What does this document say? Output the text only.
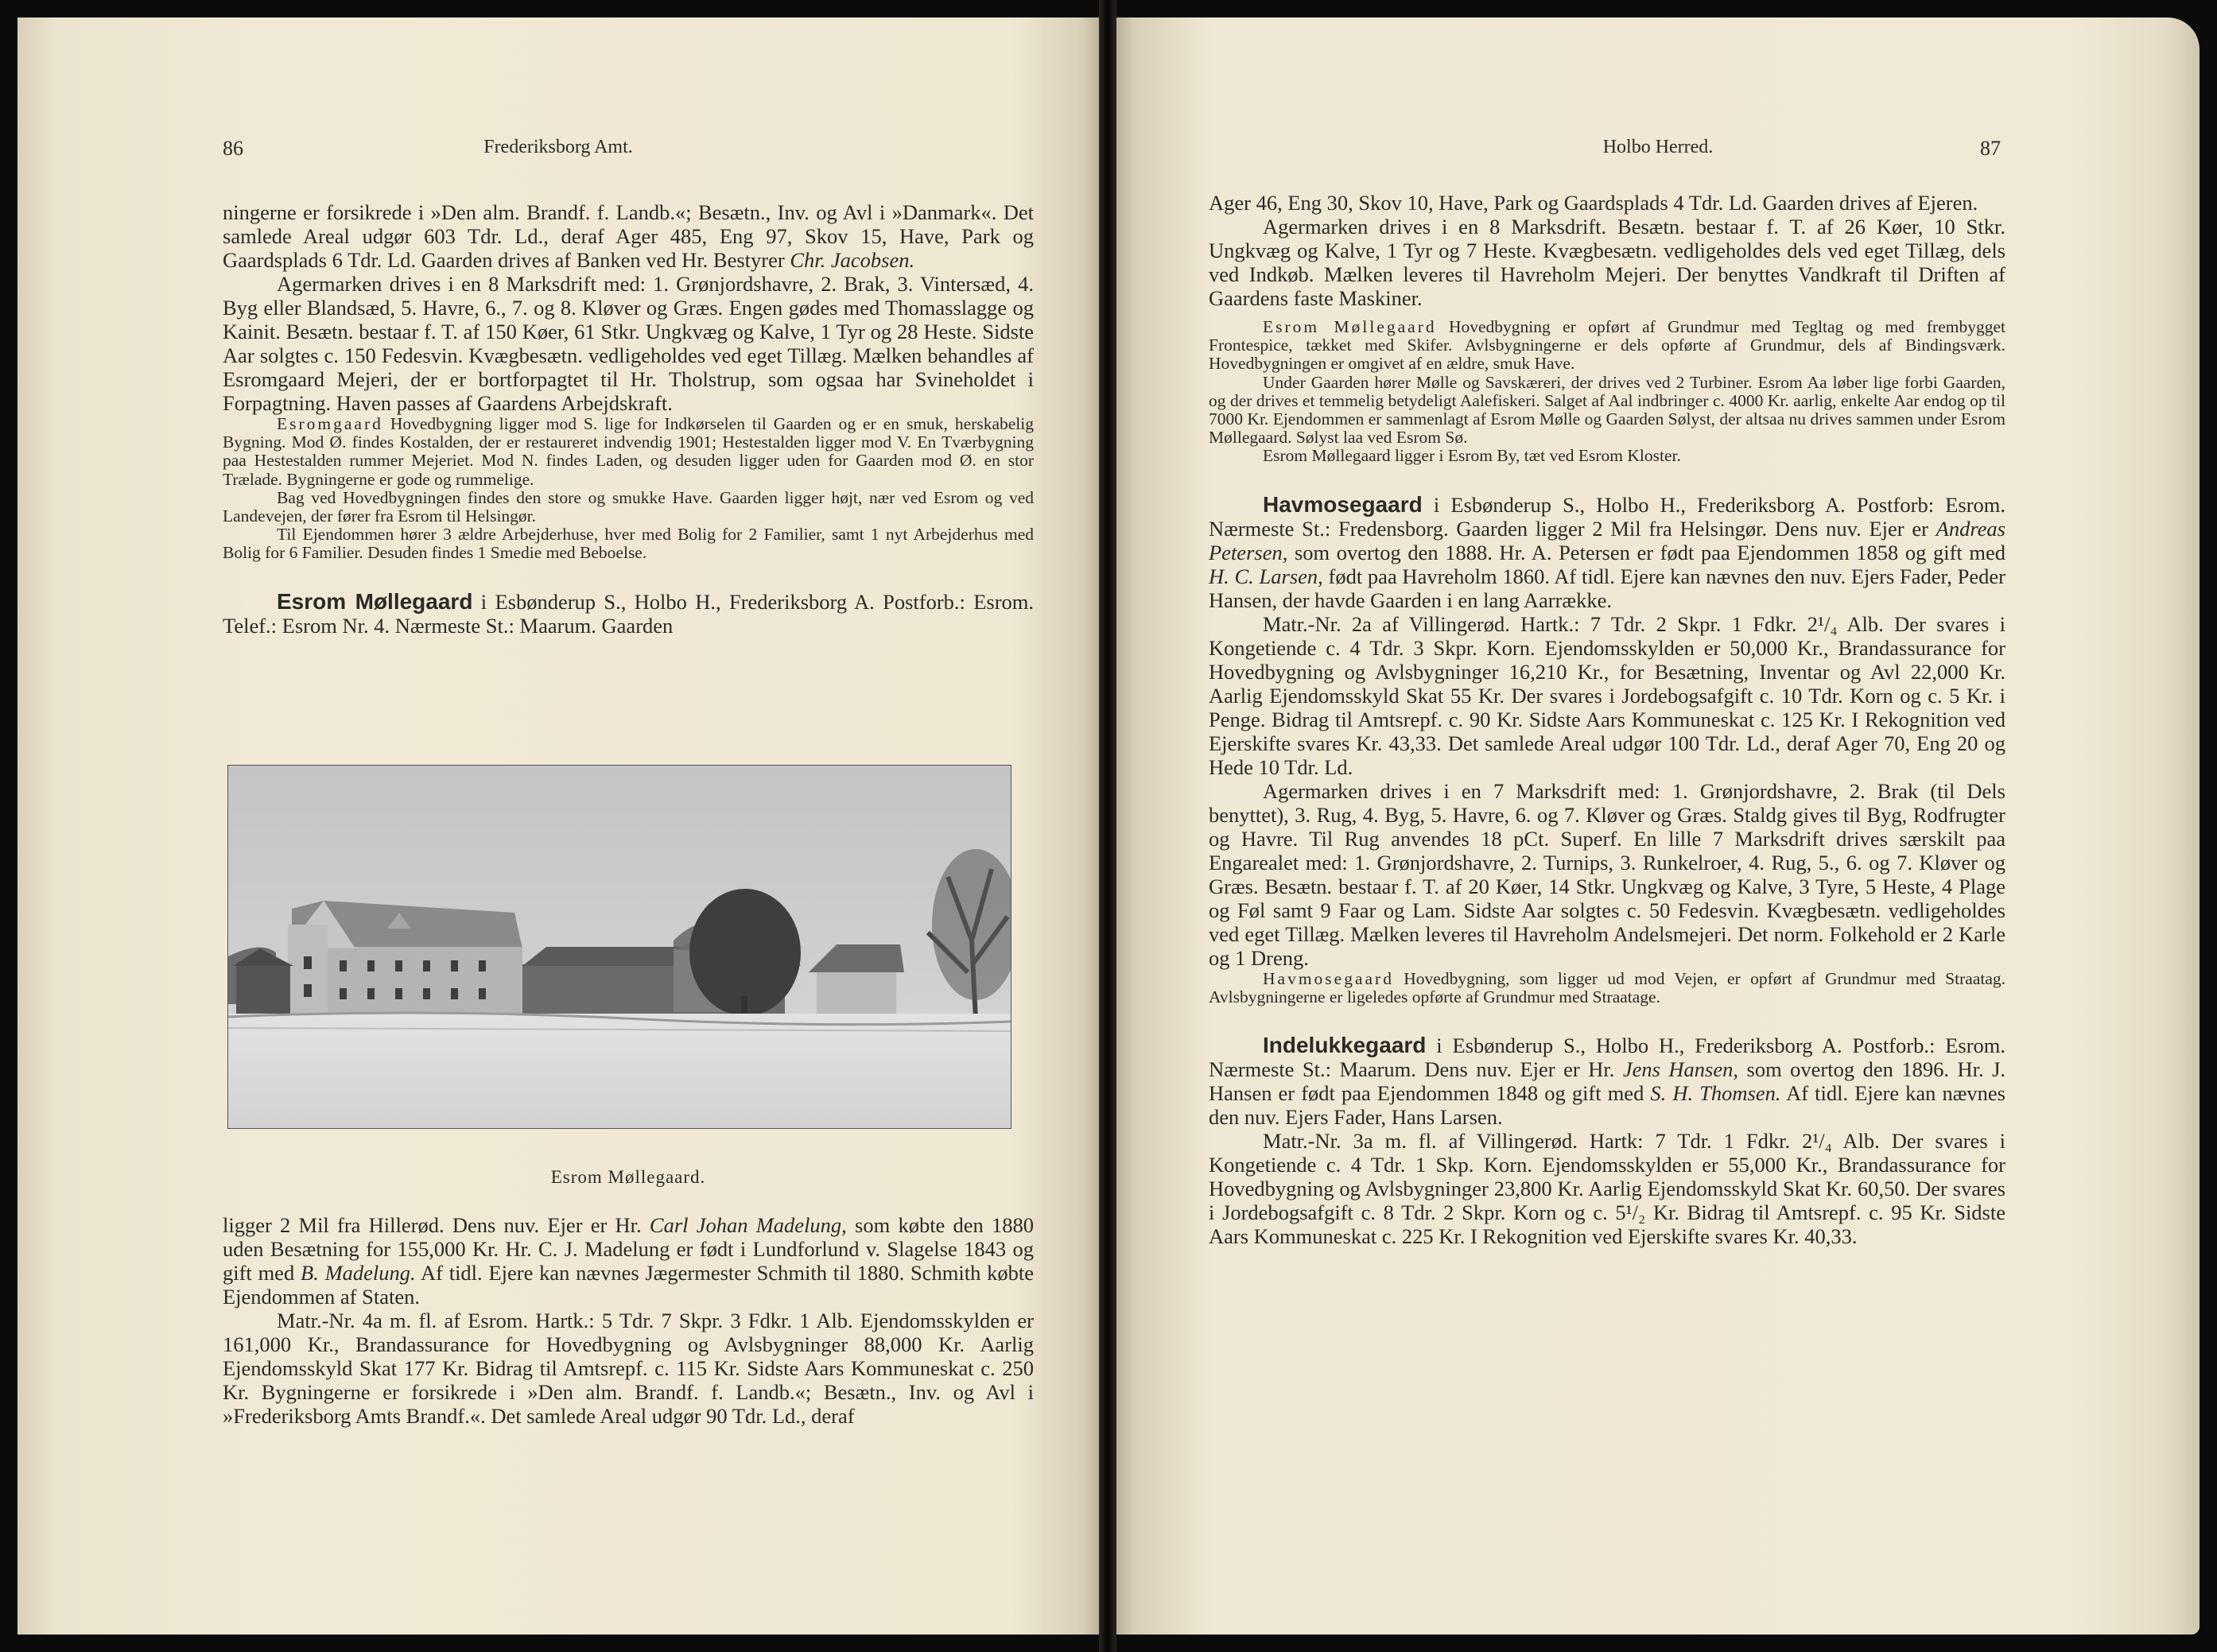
86	Frederiksborg Amt.

ningerne er forsikrede i »Den alm. Brandf. f. Landb.«; Besætn., Inv. og Avl i »Danmark«. Det samlede Areal udgør 603 Tdr. Ld., deraf Ager 485, Eng 97, Skov 15, Have, Park og Gaardsplads 6 Tdr. Ld. Gaarden drives af Banken ved Hr. Bestyrer Chr. Jacobsen.

Agermarken drives i en 8 Marksdrift med: 1. Grønjordshavre, 2. Brak, 3. Vintersæd, 4. Byg eller Blandsæd, 5. Havre, 6., 7. og 8. Kløver og Græs. Engen gødes med Thomasslagge og Kainit. Besætn. bestaar f. T. af 150 Køer, 61 Stkr. Ungkvæg og Kalve, 1 Tyr og 28 Heste. Sidste Aar solgtes c. 150 Fedesvin. Kvægbesætn. vedligeholdes ved eget Tillæg. Mælken behandles af Esromgaard Mejeri, der er bortforpagtet til Hr. Tholstrup, som ogsaa har Svineholdet i Forpagtning. Haven passes af Gaardens Arbejdskraft.

Esromgaard Hovedbygning ligger mod S. lige for Indkørselen til Gaarden og er en smuk, herskabelig Bygning. Mod Ø. findes Kostalden, der er restaureret indvendig 1901; Hestestalden ligger mod V. En Tværbygning paa Hestestalden rummer Mejeriet. Mod N. findes Laden, og desuden ligger uden for Gaarden mod Ø. en stor Trælade. Bygningerne er gode og rummelige.

Bag ved Hovedbygningen findes den store og smukke Have. Gaarden ligger højt, nær ved Esrom og ved Landevejen, der fører fra Esrom til Helsingør.

Til Ejendommen hører 3 ældre Arbejderhuse, hver med Bolig for 2 Familier, samt 1 nyt Arbejderhus med Bolig for 6 Familier. Desuden findes 1 Smedie med Beboelse.

Esrom Møllegaard i Esbønderup S., Holbo H., Frederiksborg A. Postforb.: Esrom. Telef.: Esrom Nr. 4. Nærmeste St.: Maarum. Gaarden

Esrom Møllegaard.

ligger 2 Mil fra Hillerød. Dens nuv. Ejer er Hr. Carl Johan Madelung, som købte den 1880 uden Besætning for 155,000 Kr. Hr. C. J. Madelung er født i Lundforlund v. Slagelse 1843 og gift med B. Madelung. Af tidl. Ejere kan nævnes Jægermester Schmith til 1880. Schmith købte Ejendommen af Staten.

Matr.-Nr. 4a m. fl. af Esrom. Hartk.: 5 Tdr. 7 Skpr. 3 Fdkr. 1 Alb. Ejendomsskylden er 161,000 Kr., Brandassurance for Hovedbygning og Avlsbygninger 88,000 Kr. Aarlig Ejendomsskyld Skat 177 Kr. Bidrag til Amtsrepf. c. 115 Kr. Sidste Aars Kommuneskat c. 250 Kr. Bygningerne er forsikrede i »Den alm. Brandf. f. Landb.«; Besætn., Inv. og Avl i »Frederiksborg Amts Brandf.«. Det samlede Areal udgør 90 Tdr. Ld., deraf

Holbo Herred.	87

Ager 46, Eng 30, Skov 10, Have, Park og Gaardsplads 4 Tdr. Ld. Gaarden drives af Ejeren.

Agermarken drives i en 8 Marksdrift. Besætn. bestaar f. T. af 26 Køer, 10 Stkr. Ungkvæg og Kalve, 1 Tyr og 7 Heste. Kvægbesætn. vedligeholdes dels ved eget Tillæg, dels ved Indkøb. Mælken leveres til Havreholm Mejeri. Der benyttes Vandkraft til Driften af Gaardens faste Maskiner.

Esrom Møllegaard Hovedbygning er opført af Grundmur med Tegltag og med frembygget Frontespice, tækket med Skifer. Avlsbygningerne er dels opførte af Grundmur, dels af Bindingsværk. Hovedbygningen er omgivet af en ældre, smuk Have.

Under Gaarden hører Mølle og Savskæreri, der drives ved 2 Turbiner. Esrom Aa løber lige forbi Gaarden, og der drives et temmelig betydeligt Aalefiskeri. Salget af Aal indbringer c. 4000 Kr. aarlig, enkelte Aar endog op til 7000 Kr. Ejendommen er sammenlagt af Esrom Mølle og Gaarden Sølyst, der altsaa nu drives sammen under Esrom Møllegaard. Sølyst laa ved Esrom Sø.

Esrom Møllegaard ligger i Esrom By, tæt ved Esrom Kloster.

Havmosegaard i Esbønderup S., Holbo H., Frederiksborg A. Postforb: Esrom. Nærmeste St.: Fredensborg. Gaarden ligger 2 Mil fra Helsingør. Dens nuv. Ejer er Andreas Petersen, som overtog den 1888. Hr. A. Petersen er født paa Ejendommen 1858 og gift med H. C. Larsen, født paa Havreholm 1860. Af tidl. Ejere kan nævnes den nuv. Ejers Fader, Peder Hansen, der havde Gaarden i en lang Aarrække.

Matr.-Nr. 2a af Villingerød. Hartk.: 7 Tdr. 2 Skpr. 1 Fdkr. 2¹/₄ Alb. Der svares i Kongetiende c. 4 Tdr. 3 Skpr. Korn. Ejendomsskylden er 50,000 Kr., Brandassurance for Hovedbygning og Avlsbygninger 16,210 Kr., for Besætning, Inventar og Avl 22,000 Kr. Aarlig Ejendomsskyld Skat 55 Kr. Der svares i Jordebogsafgift c. 10 Tdr. Korn og c. 5 Kr. i Penge. Bidrag til Amtsrepf. c. 90 Kr. Sidste Aars Kommuneskat c. 125 Kr. I Rekognition ved Ejerskifte svares Kr. 43,33. Det samlede Areal udgør 100 Tdr. Ld., deraf Ager 70, Eng 20 og Hede 10 Tdr. Ld.

Agermarken drives i en 7 Marksdrift med: 1. Grønjordshavre, 2. Brak (til Dels benyttet), 3. Rug, 4. Byg, 5. Havre, 6. og 7. Kløver og Græs. Staldg gives til Byg, Rodfrugter og Havre. Til Rug anvendes 18 pCt. Superf. En lille 7 Marksdrift drives særskilt paa Engarealet med: 1. Grønjordshavre, 2. Turnips, 3. Runkelroer, 4. Rug, 5., 6. og 7. Kløver og Græs. Besætn. bestaar f. T. af 20 Køer, 14 Stkr. Ungkvæg og Kalve, 3 Tyre, 5 Heste, 4 Plage og Føl samt 9 Faar og Lam. Sidste Aar solgtes c. 50 Fedesvin. Kvægbesætn. vedligeholdes ved eget Tillæg. Mælken leveres til Havreholm Andelsmejeri. Det norm. Folkehold er 2 Karle og 1 Dreng.

Havmosegaard Hovedbygning, som ligger ud mod Vejen, er opført af Grundmur med Straatag. Avlsbygningerne er ligeledes opførte af Grundmur med Straatage.

Indelukkegaard i Esbønderup S., Holbo H., Frederiksborg A. Postforb.: Esrom. Nærmeste St.: Maarum. Dens nuv. Ejer er Hr. Jens Hansen, som overtog den 1896. Hr. J. Hansen er født paa Ejendommen 1848 og gift med S. H. Thomsen. Af tidl. Ejere kan nævnes den nuv. Ejers Fader, Hans Larsen.

Matr.-Nr. 3a m. fl. af Villingerød. Hartk: 7 Tdr. 1 Fdkr. 2¹/₄ Alb. Der svares i Kongetiende c. 4 Tdr. 1 Skp. Korn. Ejendomsskylden er 55,000 Kr., Brandassurance for Hovedbygning og Avlsbygninger 23,800 Kr. Aarlig Ejendomsskyld Skat Kr. 60,50. Der svares i Jordebogsafgift c. 8 Tdr. 2 Skpr. Korn og c. 5¹/₂ Kr. Bidrag til Amtsrepf. c. 95 Kr. Sidste Aars Kommuneskat c. 225 Kr. I Rekognition ved Ejerskifte svares Kr. 40,33.
